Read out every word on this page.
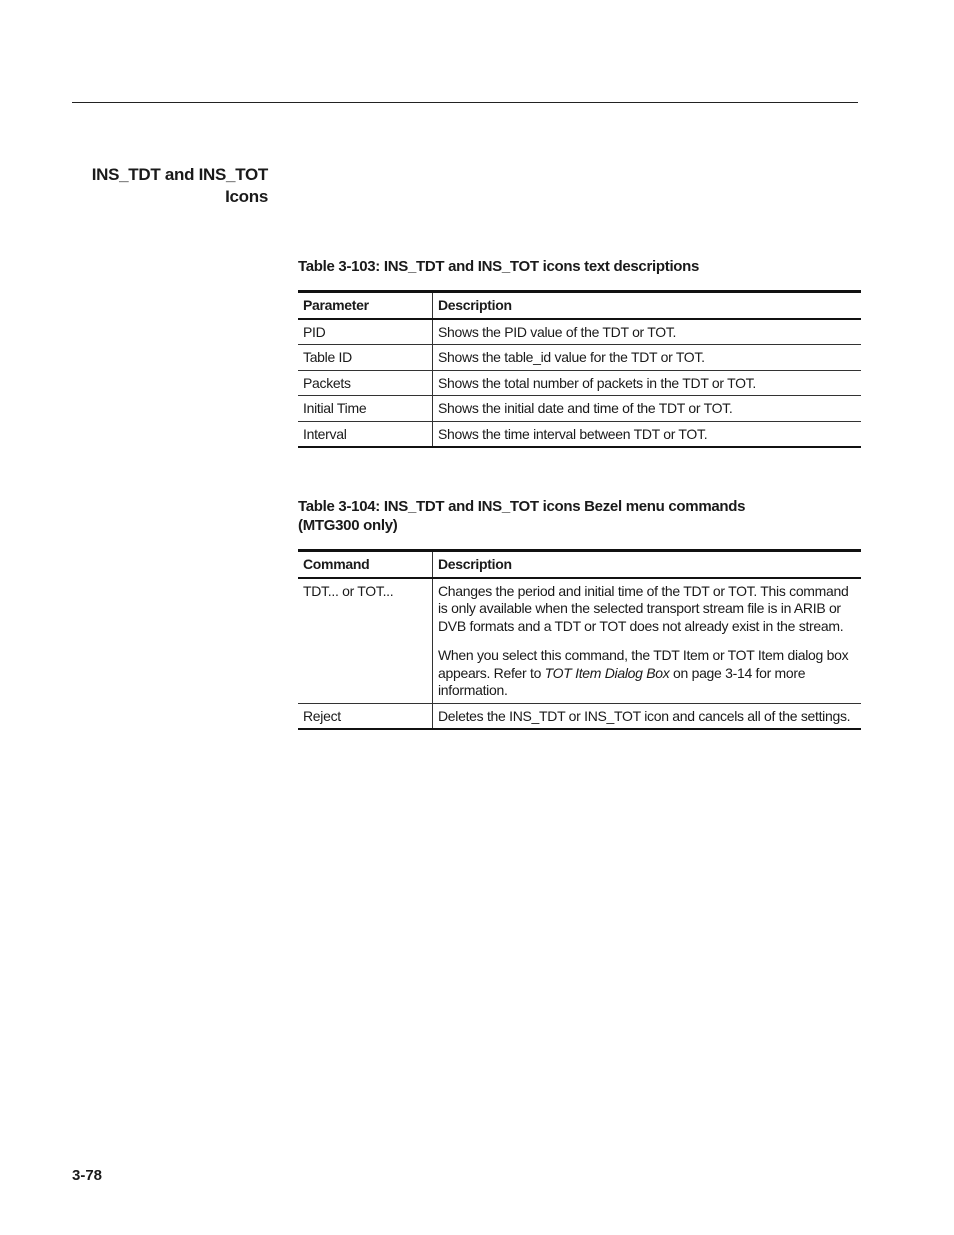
INS_TDT and INS_TOT
Icons
Table 3-103: INS_TDT and INS_TOT icons text descriptions
Parameter	Description
PID	Shows the PID value of the TDT or TOT.
Table ID	Shows the table_id value for the TDT or TOT.
Packets	Shows the total number of packets in the TDT or TOT.
Initial Time	Shows the initial date and time of the TDT or TOT.
Interval	Shows the time interval between TDT or TOT.
Table 3-104: INS_TDT and INS_TOT icons Bezel menu commands
(MTG300 only)
Command	Description
TDT... or TOT...	Changes the period and initial time of the TDT or TOT. This command is only available when the selected transport stream file is in ARIB or DVB formats and a TDT or TOT does not already exist in the stream.

When you select this command, the TDT Item or TOT Item dialog box appears. Refer to TOT Item Dialog Box on page 3-14 for more information.

Reject	Deletes the INS_TDT or INS_TOT icon and cancels all of the settings.
3-78
